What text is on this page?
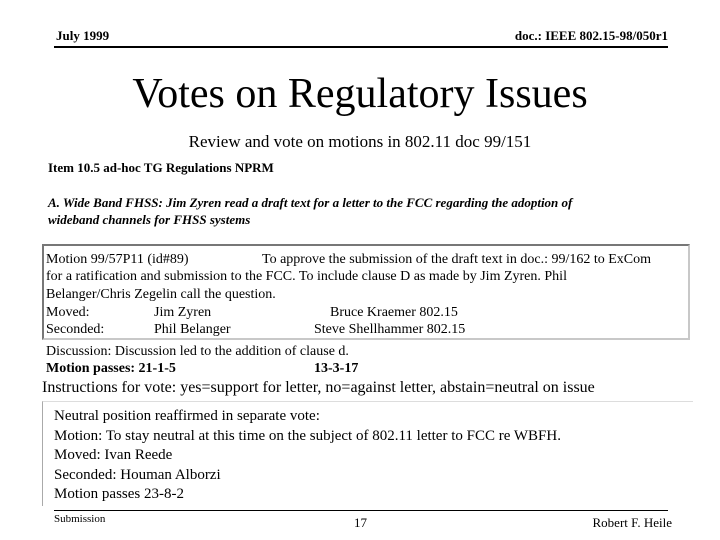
July 1999	doc.: IEEE 802.15-98/050r1
Votes on Regulatory Issues
Review and vote on motions in 802.11 doc 99/151
Item 10.5 ad-hoc TG Regulations NPRM
A. Wide Band FHSS: Jim Zyren read a draft text for a letter to the FCC regarding the adoption of
wideband channels for FHSS systems
Motion 99/57P11 (id#89)	To approve the submission of the draft text in doc.: 99/162 to ExCom
for a ratification and submission to the FCC. To include clause D as made by Jim Zyren. Phil
Belanger/Chris Zegelin call the question.
Moved:	Jim Zyren	Bruce Kraemer 802.15
Seconded:	Phil Belanger	Steve Shellhammer 802.15
Discussion: Discussion led to the addition of clause d.
Motion passes: 21-1-5	13-3-17
Instructions for vote: yes=support for letter, no=against letter, abstain=neutral on issue
Neutral position reaffirmed in separate vote:
Motion: To stay neutral at this time on the subject of 802.11 letter to FCC re WBFH.
Moved: Ivan Reede
Seconded: Houman Alborzi
Motion passes 23-8-2
Submission	17	Robert F. Heile
